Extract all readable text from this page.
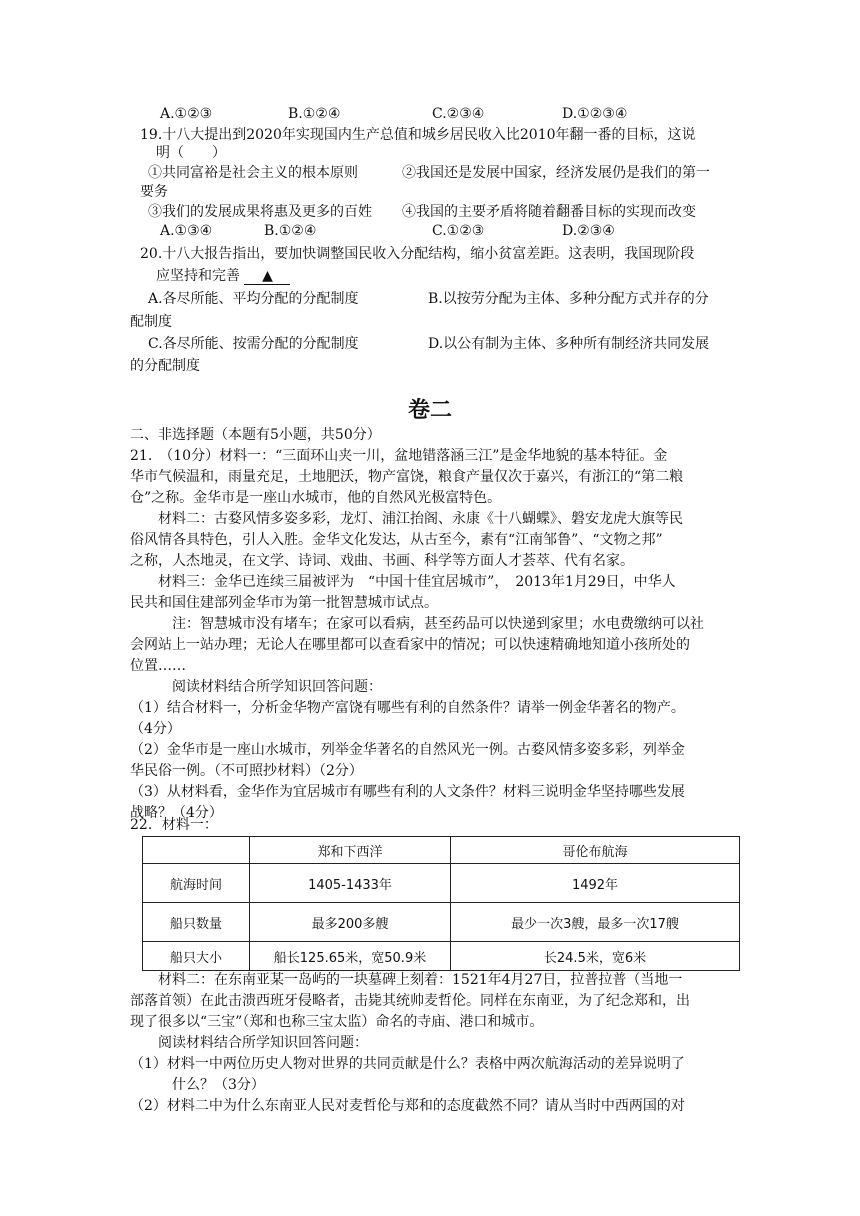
A.①②③	B.①②④	C.②③④	D.①②③④
19.十八大提出到2020年实现国内生产总值和城乡居民收入比2010年翻一番的目标，这说
明（　　）
①共同富裕是社会主义的根本原则	②我国还是发展中国家，经济发展仍是我们的第一
要务
③我们的发展成果将惠及更多的百姓 ④我国的主要矛盾将随着翻番目标的实现而改变
A.①③④	B.①②④	C.①②③	D.②③④
20.十八大报告指出，要加快调整国民收入分配结构，缩小贫富差距。这表明，我国现阶段
应坚持和完善 ▲
A.各尽所能、平均分配的分配制度	B.以按劳分配为主体、多种分配方式并存的分
配制度
C.各尽所能、按需分配的分配制度	D.以公有制为主体、多种所有制经济共同发展
的分配制度
卷二
二、非选择题（本题有5小题，共50分）
21.　（10分）材料一：“三面环山夹一川，盆地错落涵三江”是金华地貌的基本特征。金
华市气候温和，雨量充足，土地肥沃，物产富饶，粮食产量仅次于嘉兴，有浙江的“第二粮
仓”之称。金华市是一座山水城市，他的自然风光极富特色。
　　材料二：古婺风情多姿多彩，龙灯、浦江抬阁、永康《十八蝴蝶》、磐安龙虎大旗等民
俗风情各具特色，引人入胜。金华文化发达，从古至今，素有“江南邹鲁”、“文物之邦”
之称，人杰地灵，在文学、诗词、戏曲、书画、科学等方面人才荟萃、代有名家。
　　材料三：金华已连续三届被评为　“中国十佳宜居城市”，　2013年1月29日，中华人
民共和国住建部列金华市为第一批智慧城市试点。
　　　注：智慧城市没有堵车；在家可以看病，甚至药品可以快递到家里；水电费缴纳可以社
会网站上一站办理；无论人在哪里都可以查看家中的情况；可以快速精确地知道小孩所处的
位置……
　　　阅读材料结合所学知识回答问题：
（1）结合材料一，分析金华物产富饶有哪些有利的自然条件？请举一例金华著名的物产。
（4分）
（2）金华市是一座山水城市，列举金华著名的自然风光一例。古婺风情多姿多彩，列举金
华民俗一例。（不可照抄材料）（2分）
（3）从材料看，金华作为宜居城市有哪些有利的人文条件？材料三说明金华坚持哪些发展
战略？（4分）
22．材料一：
	郑和下西洋	哥伦布航海
航海时间	1405-1433年	1492年
船只数量	最多200多艘	最少一次3艘，最多一次17艘
船只大小	船长125.65米，宽50.9米	长24.5米，宽6米
　　材料二：在东南亚某一岛屿的一块墓碑上刻着：1521年4月27日，拉普拉普（当地一
部落首领）在此击溃西班牙侵略者，击毙其统帅麦哲伦。同样在东南亚，为了纪念郑和，出
现了很多以“三宝”（郑和也称三宝太监）命名的寺庙、港口和城市。
　　阅读材料结合所学知识回答问题：
（1）材料一中两位历史人物对世界的共同贡献是什么？表格中两次航海活动的差异说明了
　　　什么？（3分）
（2）材料二中为什么东南亚人民对麦哲伦与郑和的态度截然不同？请从当时中西两国的对
